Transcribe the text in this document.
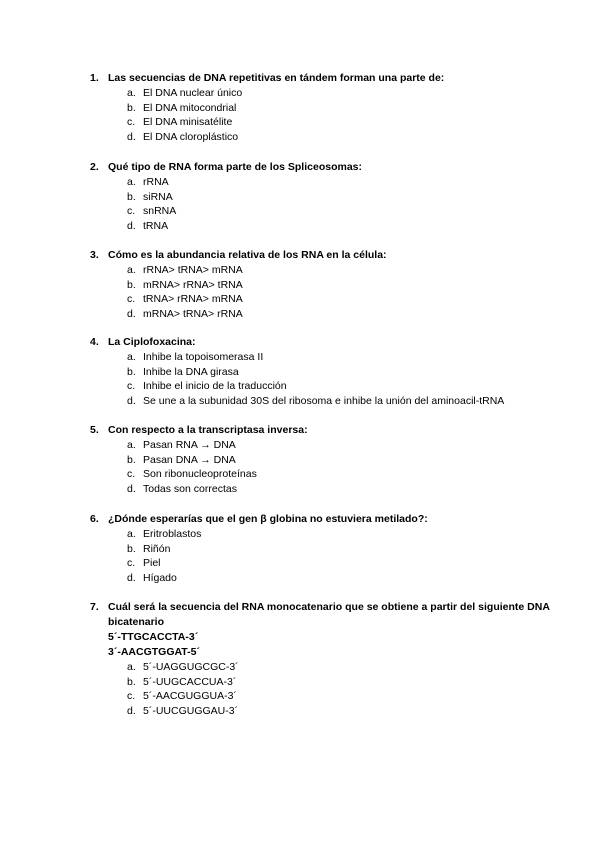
1. Las secuencias de DNA repetitivas en tándem forman una parte de:
a. El DNA nuclear único
b. El DNA mitocondrial
c. El DNA minisatélite
d. El DNA cloroplástico
2. Qué tipo de RNA forma parte de los Spliceosomas:
a. rRNA
b. siRNA
c. snRNA
d. tRNA
3. Cómo es la abundancia relativa de los RNA en la célula:
a. rRNA> tRNA> mRNA
b. mRNA> rRNA> tRNA
c. tRNA> rRNA> mRNA
d. mRNA> tRNA> rRNA
4. La Ciplofoxacina:
a. Inhibe la topoisomerasa II
b. Inhibe la DNA girasa
c. Inhibe el inicio de la traducción
d. Se une a la subunidad 30S del ribosoma e inhibe la unión del aminoacil-tRNA
5. Con respecto a la transcriptasa inversa:
a. Pasan RNA → DNA
b. Pasan DNA → DNA
c. Son ribonucleoproteínas
d. Todas son correctas
6. ¿Dónde esperarías que el gen β globina no estuviera metilado?:
a. Eritroblastos
b. Riñón
c. Piel
d. Hígado
7. Cuál será la secuencia del RNA monocatenario que se obtiene a partir del siguiente DNA bicatenario
5´-TTGCACCTA-3´
3´-AACGTGGAT-5´
a. 5´-UAGGUGCGC-3´
b. 5´-UUGCACCUA-3´
c. 5´-AACGUGGUA-3´
d. 5´-UUCGUGGAU-3´
